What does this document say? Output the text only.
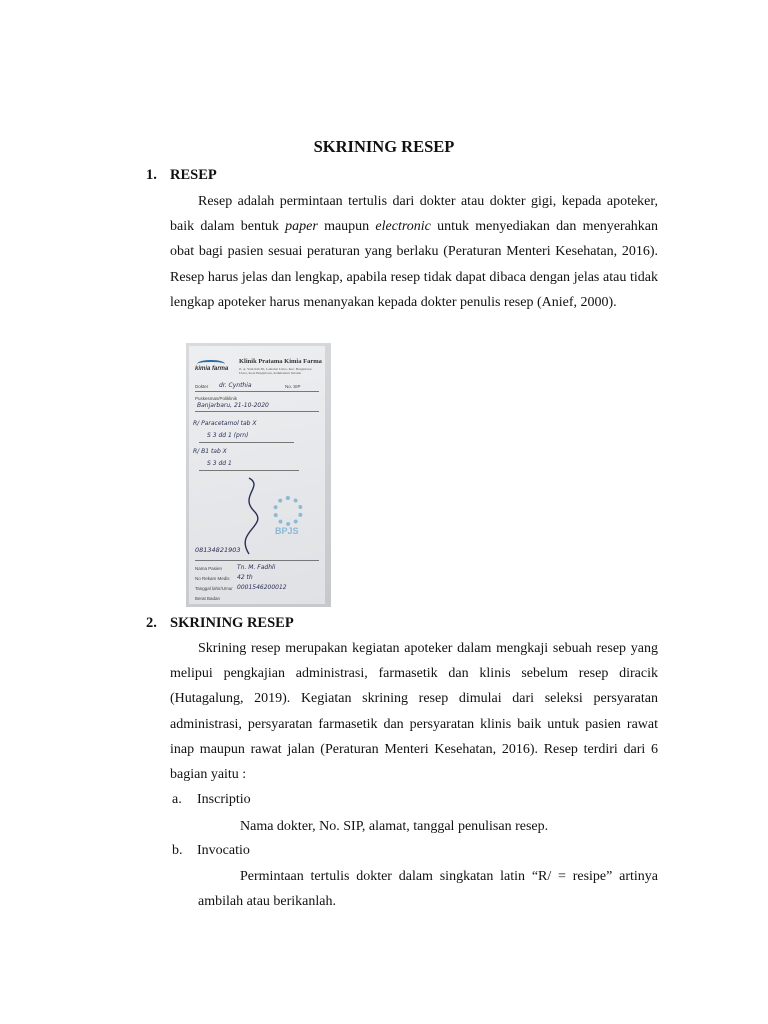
SKRINING RESEP
1. RESEP
Resep adalah permintaan tertulis dari dokter atau dokter gigi, kepada apoteker, baik dalam bentuk paper maupun electronic untuk menyediakan dan menyerahkan obat bagi pasien sesuai peraturan yang berlaku (Peraturan Menteri Kesehatan, 2016). Resep harus jelas dan lengkap, apabila resep tidak dapat dibaca dengan jelas atau tidak lengkap apoteker harus menanyakan kepada dokter penulis resep (Anief, 2000).
kimia farma
Klinik Pratama Kimia Farma
Jl. A. Yani Km 36, Loktabat Utara, Kec. Banjarbaru Utara, Kota Banjarbaru, Kalimantan Selatan
Dokter dr. Cynthia	No. SIP
Puskesmas/Poliklinik
Banjarbaru, 21-10-2020
R/ Paracetamol tab X
S 3 dd 1 (prn)
R/ B1 tab X
S 3 dd 1
BPJS
08134821903
Nama Pasien Tn. M. Fadhli
No Rekam Medis 42 th
Tanggal lahir/Umur 0001546200012
Berat Badan
2. SKRINING RESEP
Skrining resep merupakan kegiatan apoteker dalam mengkaji sebuah resep yang melipui pengkajian administrasi, farmasetik dan klinis sebelum resep diracik (Hutagalung, 2019). Kegiatan skrining resep dimulai dari seleksi persyaratan administrasi, persyaratan farmasetik dan persyaratan klinis baik untuk pasien rawat inap maupun rawat jalan (Peraturan Menteri Kesehatan, 2016). Resep terdiri dari 6 bagian yaitu :
a. Inscriptio
Nama dokter, No. SIP, alamat, tanggal penulisan resep.
b. Invocatio
Permintaan tertulis dokter dalam singkatan latin “R/ = resipe” artinya ambilah atau berikanlah.
